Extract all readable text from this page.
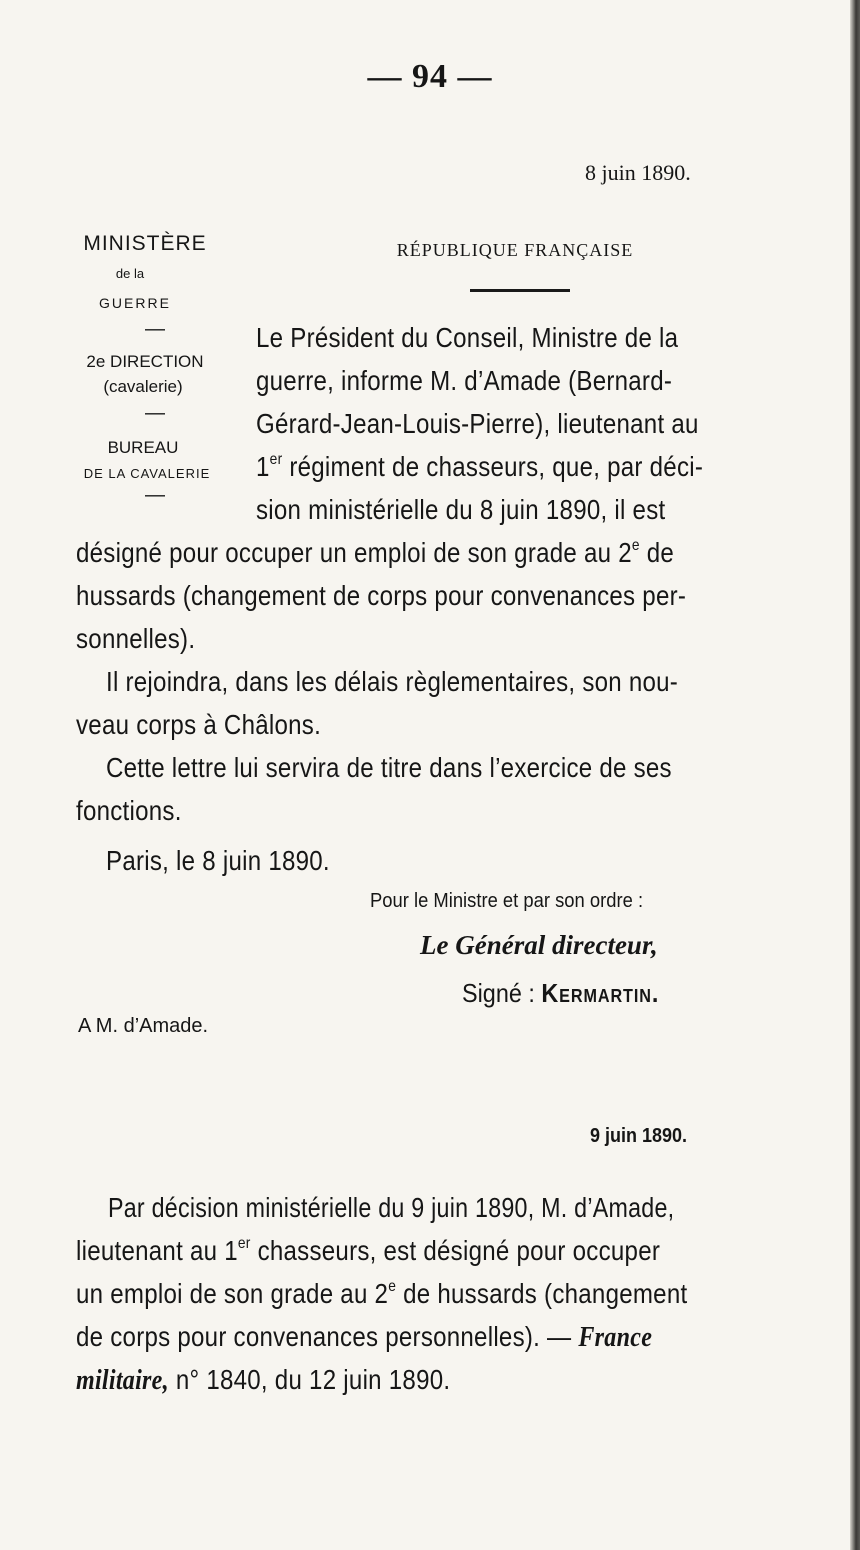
— 94 —
8 juin 1890.
MINISTÈRE
de la
GUERRE
—
2e DIRECTION
(cavalerie)
—
BUREAU
DE LA CAVALERIE
—
RÉPUBLIQUE FRANÇAISE
Le Président du Conseil, Ministre de la
guerre, informe M. d’Amade (Bernard-
Gérard-Jean-Louis-Pierre), lieutenant au
1er régiment de chasseurs, que, par déci-
sion ministérielle du 8 juin 1890, il est
désigné pour occuper un emploi de son grade au 2e de
hussards (changement de corps pour convenances per-
sonnelles).
Il rejoindra, dans les délais règlementaires, son nou-
veau corps à Châlons.
Cette lettre lui servira de titre dans l’exercice de ses
fonctions.
Paris, le 8 juin 1890.
Pour le Ministre et par son ordre :
Le Général directeur,
Signé : Kermartin.
A M. d’Amade.
9 juin 1890.
Par décision ministérielle du 9 juin 1890, M. d’Amade,
lieutenant au 1er chasseurs, est désigné pour occuper
un emploi de son grade au 2e de hussards (changement
de corps pour convenances personnelles). — France
militaire, n° 1840, du 12 juin 1890.
